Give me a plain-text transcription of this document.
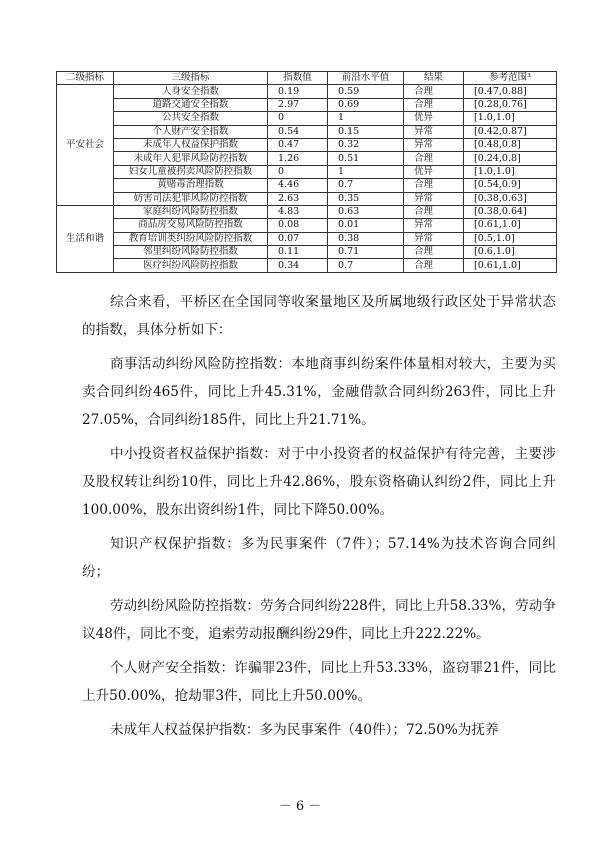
二级指标	三级指标	指数值	前沿水平值	结果	参考范围³
平安社会	人身安全指数	0.19	0.59	合理	[0.47,0.88]
	道路交通安全指数	2.97	0.69	合理	[0.28,0.76]
	公共安全指数	0	1	优异	[1.0,1.0]
	个人财产安全指数	0.54	0.15	异常	[0.42,0.87]
	未成年人权益保护指数	0.47	0.32	异常	[0.48,0.8]
	未成年人犯罪风险防控指数	1.26	0.51	合理	[0.24,0.8]
	妇女儿童被拐卖风险防控指数	0	1	优异	[1.0,1.0]
	黄赌毒治理指数	4.46	0.7	合理	[0.54,0.9]
	妨害司法犯罪风险防控指数	2.63	0.35	异常	[0.38,0.63]
生活和谐	家庭纠纷风险防控指数	4.83	0.63	合理	[0.38,0.64]
	商品房交易风险防控指数	0.08	0.01	异常	[0.61,1.0]
	教育培训类纠纷风险防控指数	0.07	0.38	异常	[0.5,1.0]
	邻里纠纷风险防控指数	0.11	0.71	合理	[0.6,1.0]
	医疗纠纷风险防控指数	0.34	0.7	合理	[0.61,1.0]

综合来看，平桥区在全国同等收案量地区及所属地级行政区处于异常状态的指数，具体分析如下：

商事活动纠纷风险防控指数：本地商事纠纷案件体量相对较大，主要为买卖合同纠纷465件，同比上升45.31%，金融借款合同纠纷263件，同比上升27.05%，合同纠纷185件，同比上升21.71%。

中小投资者权益保护指数：对于中小投资者的权益保护有待完善，主要涉及股权转让纠纷10件，同比上升42.86%，股东资格确认纠纷2件，同比上升100.00%，股东出资纠纷1件，同比下降50.00%。

知识产权保护指数：多为民事案件（7件）；57.14%为技术咨询合同纠纷；

劳动纠纷风险防控指数：劳务合同纠纷228件，同比上升58.33%，劳动争议48件，同比不变，追索劳动报酬纠纷29件，同比上升222.22%。

个人财产安全指数：诈骗罪23件，同比上升53.33%，盗窃罪21件，同比上升50.00%，抢劫罪3件，同比上升50.00%。

未成年人权益保护指数：多为民事案件（40件）；72.50%为抚养

－ 6 －
